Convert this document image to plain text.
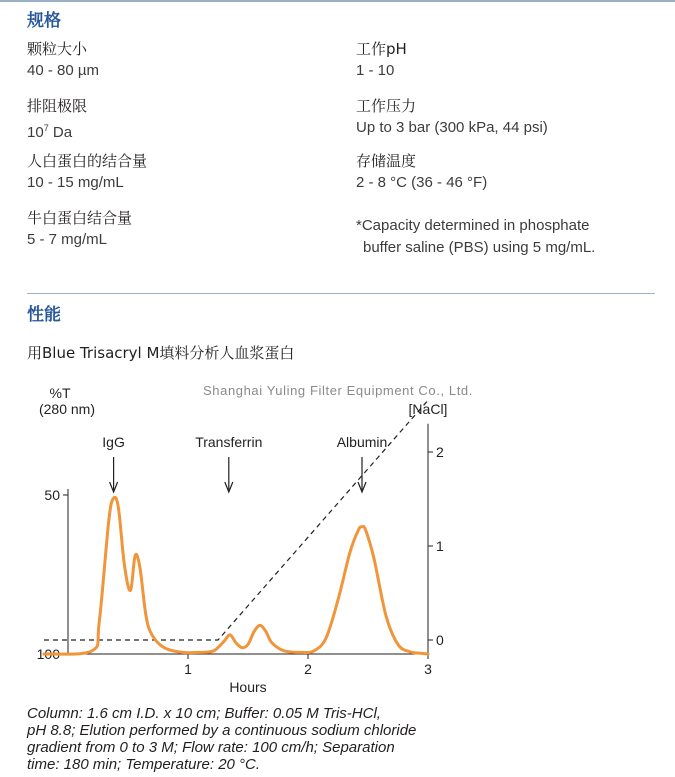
规格
颗粒大小
40 - 80 µm
排阻极限
$10^7$ Da
人白蛋白的结合量
10 - 15 mg/mL
牛白蛋白结合量
5 - 7 mg/mL
工作pH
1 - 10
工作压力
Up to 3 bar (300 kPa, 44 psi)
存储温度
2 - 8 °C (36 - 46 °F)
*Capacity determined in phosphate
buffer saline (PBS) using 5 mg/mL.
性能
用Blue Trisacryl M填料分析人血浆蛋白
Shanghai Yuling Filter Equipment Co., Ltd.
50
100
1	2	3
0
1
2
%T
(280 nm)	[NaCl]
Hours
IgG	Transferrin	Albumin
Column: 1.6 cm I.D. x 10 cm; Buffer: 0.05 M Tris-HCl,
pH 8.8; Elution performed by a continuous sodium chloride
gradient from 0 to 3 M; Flow rate: 100 cm/h; Separation
time: 180 min; Temperature: 20 °C.
